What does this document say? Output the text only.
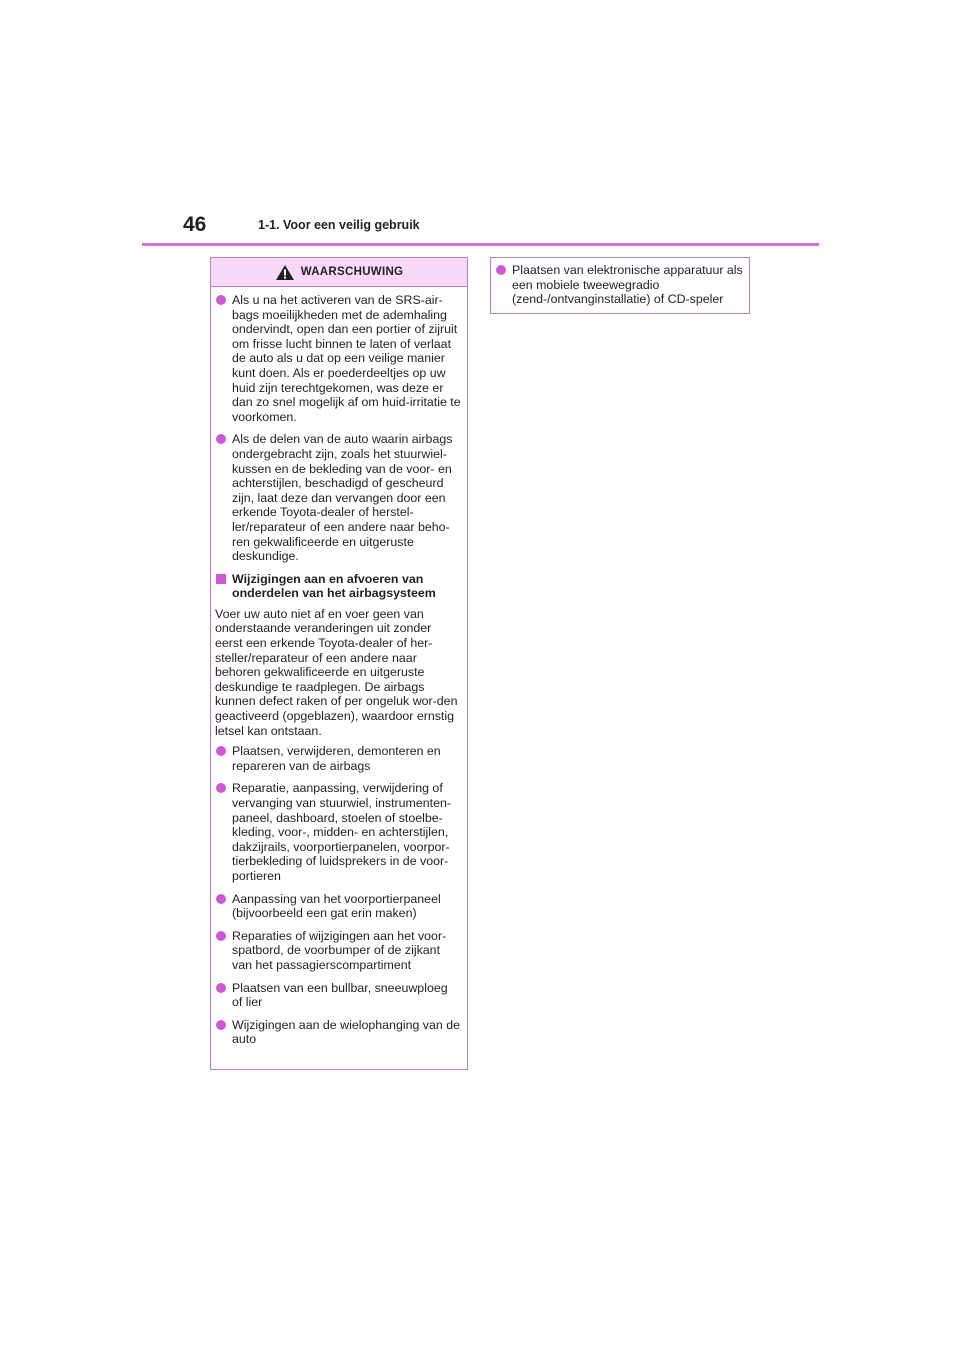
46	1-1. Voor een veilig gebruik
WAARSCHUWING
Als u na het activeren van de SRS-air-bags moeilijkheden met de ademhaling ondervindt, open dan een portier of zijruit om frisse lucht binnen te laten of verlaat de auto als u dat op een veilige manier kunt doen. Als er poederdeeltjes op uw huid zijn terechtgekomen, was deze er dan zo snel mogelijk af om huid-irritatie te voorkomen.
Als de delen van de auto waarin airbags ondergebracht zijn, zoals het stuurwiel-kussen en de bekleding van de voor- en achterstijlen, beschadigd of gescheurd zijn, laat deze dan vervangen door een erkende Toyota-dealer of herstel-ler/reparateur of een andere naar beho-ren gekwalificeerde en uitgeruste deskundige.
Wijzigingen aan en afvoeren van onderdelen van het airbagsysteem

Voer uw auto niet af en voer geen van onderstaande veranderingen uit zonder eerst een erkende Toyota-dealer of her-steller/reparateur of een andere naar behoren gekwalificeerde en uitgeruste deskundige te raadplegen. De airbags kunnen defect raken of per ongeluk wor-den geactiveerd (opgeblazen), waardoor ernstig letsel kan ontstaan.

Plaatsen, verwijderen, demonteren en repareren van de airbags
Reparatie, aanpassing, verwijdering of vervanging van stuurwiel, instrumenten-paneel, dashboard, stoelen of stoelbe-kleding, voor-, midden- en achterstijlen, dakzijrails, voorportierpanelen, voorpor-tierbekleding of luidsprekers in de voor-portieren
Aanpassing van het voorportierpaneel (bijvoorbeeld een gat erin maken)
Reparaties of wijzigingen aan het voor-spatbord, de voorbumper of de zijkant van het passagierscompartiment
Plaatsen van een bullbar, sneeuwploeg of lier
Wijzigingen aan de wielophanging van de auto
Plaatsen van elektronische apparatuur als een mobiele tweewegradio (zend-/ontvanginstallatie) of CD-speler
